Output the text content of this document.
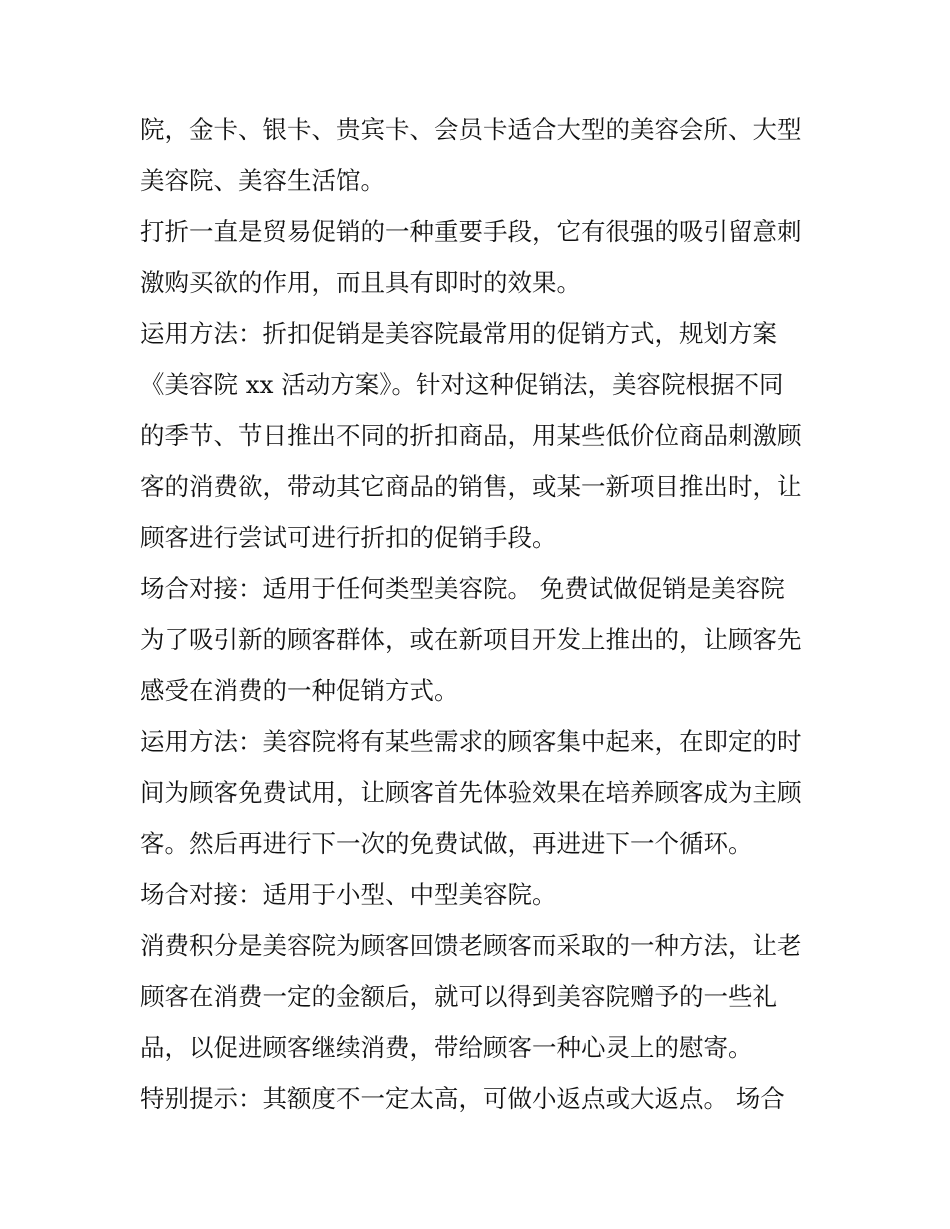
院，金卡、银卡、贵宾卡、会员卡适合大型的美容会所、大型
美容院、美容生活馆。
打折一直是贸易促销的一种重要手段，它有很强的吸引留意刺
激购买欲的作用，而且具有即时的效果。
运用方法：折扣促销是美容院最常用的促销方式，规划方案
《美容院 xx 活动方案》。针对这种促销法，美容院根据不同
的季节、节日推出不同的折扣商品，用某些低价位商品刺激顾
客的消费欲，带动其它商品的销售，或某一新项目推出时，让
顾客进行尝试可进行折扣的促销手段。
场合对接：适用于任何类型美容院。 免费试做促销是美容院
为了吸引新的顾客群体，或在新项目开发上推出的，让顾客先
感受在消费的一种促销方式。
运用方法：美容院将有某些需求的顾客集中起来，在即定的时
间为顾客免费试用，让顾客首先体验效果在培养顾客成为主顾
客。然后再进行下一次的免费试做，再进进下一个循环。
场合对接：适用于小型、中型美容院。
消费积分是美容院为顾客回馈老顾客而采取的一种方法，让老
顾客在消费一定的金额后，就可以得到美容院赠予的一些礼
品，以促进顾客继续消费，带给顾客一种心灵上的慰寄。
特别提示：其额度不一定太高，可做小返点或大返点。 场合
